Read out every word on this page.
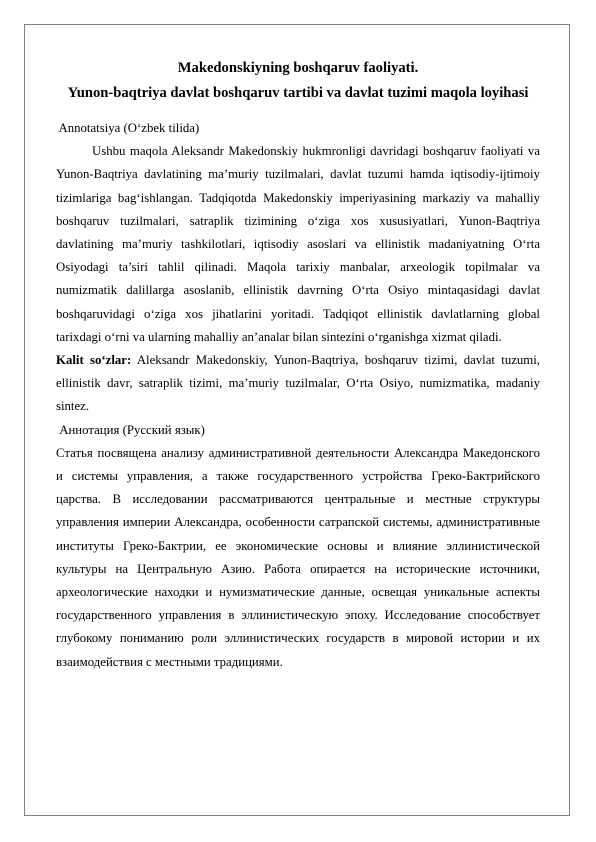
Makedonskiyning boshqaruv faoliyati.

Yunon-baqtriya davlat boshqaruv tartibi va davlat tuzimi maqola loyihasi

Annotatsiya (O‘zbek tilida)

Ushbu maqola Aleksandr Makedonskiy hukmronligi davridagi boshqaruv faoliyati va Yunon-Baqtriya davlatining ma’muriy tuzilmalari, davlat tuzumi hamda iqtisodiy-ijtimoiy tizimlariga bag‘ishlangan. Tadqiqotda Makedonskiy imperiyasining markaziy va mahalliy boshqaruv tuzilmalari, satraplik tizimining o‘ziga xos xususiyatlari, Yunon-Baqtriya davlatining ma’muriy tashkilotlari, iqtisodiy asoslari va ellinistik madaniyatning O‘rta Osiyodagi ta’siri tahlil qilinadi. Maqola tarixiy manbalar, arxeologik topilmalar va numizmatik dalillarga asoslanib, ellinistik davrning O‘rta Osiyo mintaqasidagi davlat boshqaruvidagi o‘ziga xos jihatlarini yoritadi. Tadqiqot ellinistik davlatlarning global tarixdagi o‘rni va ularning mahalliy an’analar bilan sintezini o‘rganishga xizmat qiladi.

Kalit so‘zlar: Aleksandr Makedonskiy, Yunon-Baqtriya, boshqaruv tizimi, davlat tuzumi, ellinistik davr, satraplik tizimi, ma’muriy tuzilmalar, O‘rta Osiyo, numizmatika, madaniy sintez.

Аннотация (Русский язык)

Статья посвящена анализу административной деятельности Александра Македонского и системы управления, а также государственного устройства Греко-Бактрийского царства. В исследовании рассматриваются центральные и местные структуры управления империи Александра, особенности сатрапской системы, административные институты Греко-Бактрии, ее экономические основы и влияние эллинистической культуры на Центральную Азию. Работа опирается на исторические источники, археологические находки и нумизматические данные, освещая уникальные аспекты государственного управления в эллинистическую эпоху. Исследование способствует глубокому пониманию роли эллинистических государств в мировой истории и их взаимодействия с местными традициями.
